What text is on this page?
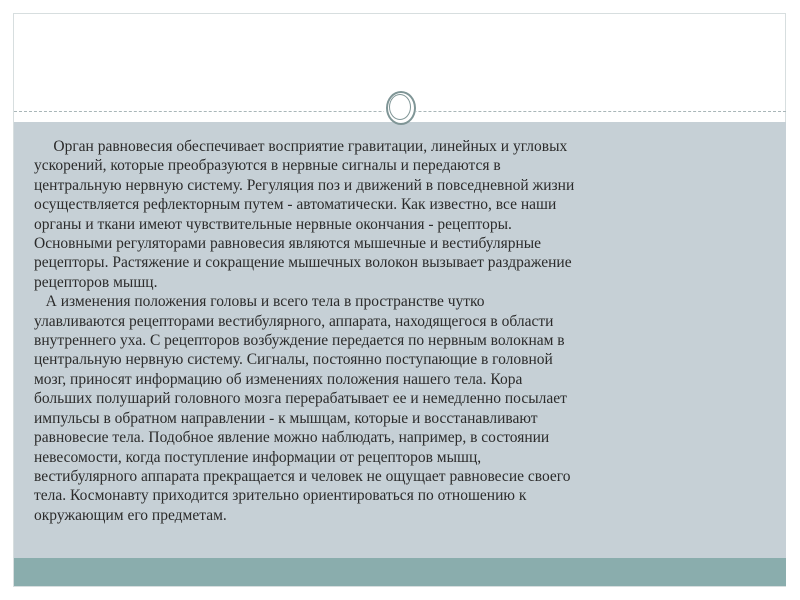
Орган равновесия обеспечивает восприятие гравитации, линейных и угловых
ускорений, которые преобразуются в нервные сигналы и передаются в
центральную нервную систему. Регуляция поз и движений в повседневной жизни
осуществляется рефлекторным путем - автоматически. Как известно, все наши
органы и ткани имеют чувствительные нервные окончания - рецепторы.
Основными регуляторами равновесия являются мышечные и вестибулярные
рецепторы. Растяжение и сокращение мышечных волокон вызывает раздражение
рецепторов мышц.
А изменения положения головы и всего тела в пространстве чутко
улавливаются рецепторами вестибулярного, аппарата, находящегося в области
внутреннего уха. С рецепторов возбуждение передается по нервным волокнам в
центральную нервную систему. Сигналы, постоянно поступающие в головной
мозг, приносят информацию об изменениях положения нашего тела. Кора
больших полушарий головного мозга перерабатывает ее и немедленно посылает
импульсы в обратном направлении - к мышцам, которые и восстанавливают
равновесие тела. Подобное явление можно наблюдать, например, в состоянии
невесомости, когда поступление информации от рецепторов мышц,
вестибулярного аппарата прекращается и человек не ощущает равновесие своего
тела. Космонавту приходится зрительно ориентироваться по отношению к
окружающим его предметам.
